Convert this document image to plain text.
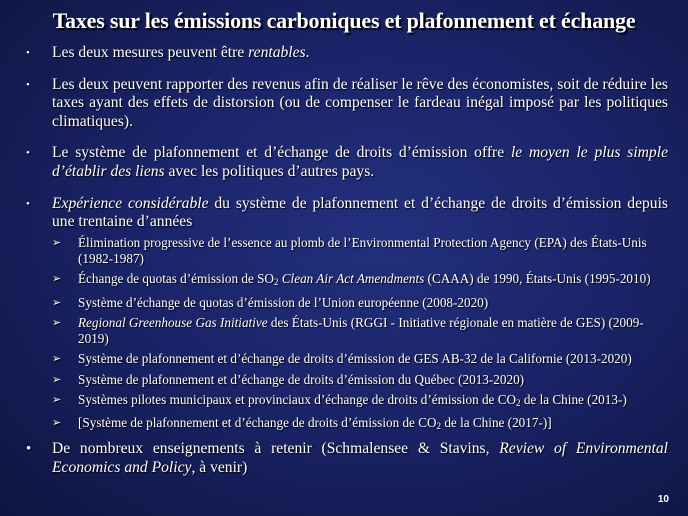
Taxes sur les émissions carboniques et plafonnement et échange
•	Les deux mesures peuvent être rentables.
•	Les deux peuvent rapporter des revenus afin de réaliser le rêve des économistes, soit de réduire les taxes ayant des effets de distorsion (ou de compenser le fardeau inégal imposé par les politiques climatiques).
•	Le système de plafonnement et d’échange de droits d’émission offre le moyen le plus simple d’établir des liens avec les politiques d’autres pays.
•	Expérience considérable du système de plafonnement et d’échange de droits d’émission depuis une trentaine d’années
➢	Élimination progressive de l’essence au plomb de l’Environmental Protection Agency (EPA) des États-Unis (1982-1987)
➢	Échange de quotas d’émission de $SO_2$ Clean Air Act Amendments (CAAA) de 1990, États-Unis (1995-2010)
➢	Système d’échange de quotas d’émission de l’Union européenne (2008-2020)
➢	Regional Greenhouse Gas Initiative des États-Unis (RGGI - Initiative régionale en matière de GES) (2009-2019)
➢	Système de plafonnement et d’échange de droits d’émission de GES AB-32 de la Californie (2013-2020)
➢	Système de plafonnement et d’échange de droits d’émission du Québec (2013-2020)
➢	Systèmes pilotes municipaux et provinciaux d’échange de droits d’émission de $CO_2$ de la Chine (2013-)
➢	[Système de plafonnement et d’échange de droits d’émission de $CO_2$ de la Chine (2017-)]
•	De nombreux enseignements à retenir (Schmalensee & Stavins, Review of Environmental Economics and Policy, à venir)
10
